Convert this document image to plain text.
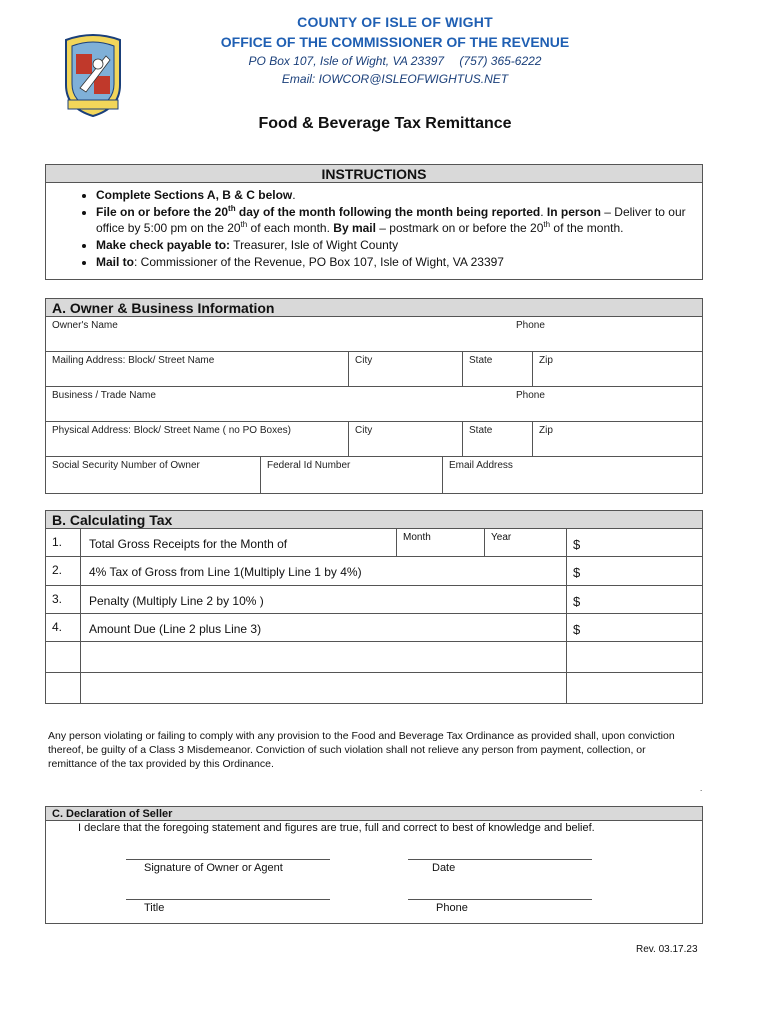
COUNTY OF ISLE OF WIGHT
OFFICE OF THE COMMISSIONER OF THE REVENUE
PO Box 107, Isle of Wight, VA 23397 (757) 365-6222
Email: IOWCOR@ISLEOFWIGHTUS.NET
Food & Beverage Tax Remittance
INSTRUCTIONS
• Complete Sections A, B & C below.
• File on or before the 20th day of the month following the month being reported. In person – Deliver to our office by 5:00 pm on the 20th of each month. By mail – postmark on or before the 20th of the month.
• Make check payable to: Treasurer, Isle of Wight County
• Mail to: Commissioner of the Revenue, PO Box 107, Isle of Wight, VA 23397
A. Owner & Business Information
Owner's Name	Phone
Mailing Address: Block/ Street Name	City	State	Zip
Business / Trade Name	Phone
Physical Address: Block/ Street Name ( no PO Boxes)	City	State	Zip
Social Security Number of Owner	Federal Id Number	Email Address
B. Calculating Tax
1.	Total Gross Receipts for the Month of	Month	Year	$
2.	4% Tax of Gross from Line 1(Multiply Line 1 by 4%)	$
3.	Penalty (Multiply Line 2 by 10% )	$
4.	Amount Due (Line 2 plus Line 3)	$
Any person violating or failing to comply with any provision to the Food and Beverage Tax Ordinance as provided shall, upon conviction thereof, be guilty of a Class 3 Misdemeanor. Conviction of such violation shall not relieve any person from payment, collection, or remittance of the tax provided by this Ordinance.
.
C. Declaration of Seller
I declare that the foregoing statement and figures are true, full and correct to best of knowledge and belief.
Signature of Owner or Agent	Date
Title	Phone
Rev. 03.17.23
